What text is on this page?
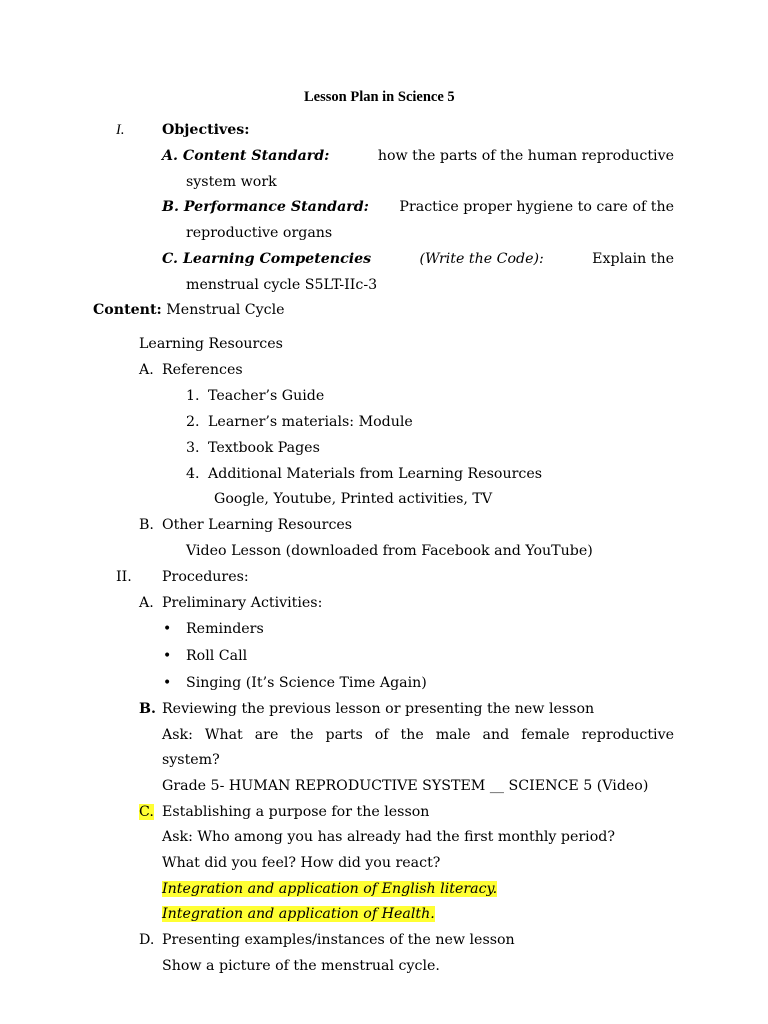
Lesson Plan in Science 5
I.	Objectives:
A. Content Standard:	how the parts of the human reproductive
system work
B. Performance Standard: Practice proper hygiene to care of the
reproductive organs
C. Learning Competencies	(Write the Code):	Explain the
menstrual cycle S5LT-IIc-3
Content: Menstrual Cycle
Learning Resources
A. References
1. Teacher’s Guide
2. Learner’s materials: Module
3. Textbook Pages
4. Additional Materials from Learning Resources
Google, Youtube, Printed activities, TV
B. Other Learning Resources
Video Lesson (downloaded from Facebook and YouTube)
II. Procedures:
A. Preliminary Activities:
• Reminders
• Roll Call
• Singing (It’s Science Time Again)
B. Reviewing the previous lesson or presenting the new lesson
Ask: What are the parts of the male and female reproductive
system?
Grade 5- HUMAN REPRODUCTIVE SYSTEM __ SCIENCE 5 (Video)
C. Establishing a purpose for the lesson
Ask: Who among you has already had the first monthly period?
What did you feel? How did you react?
Integration and application of English literacy.
Integration and application of Health.
D. Presenting examples/instances of the new lesson
Show a picture of the menstrual cycle.
